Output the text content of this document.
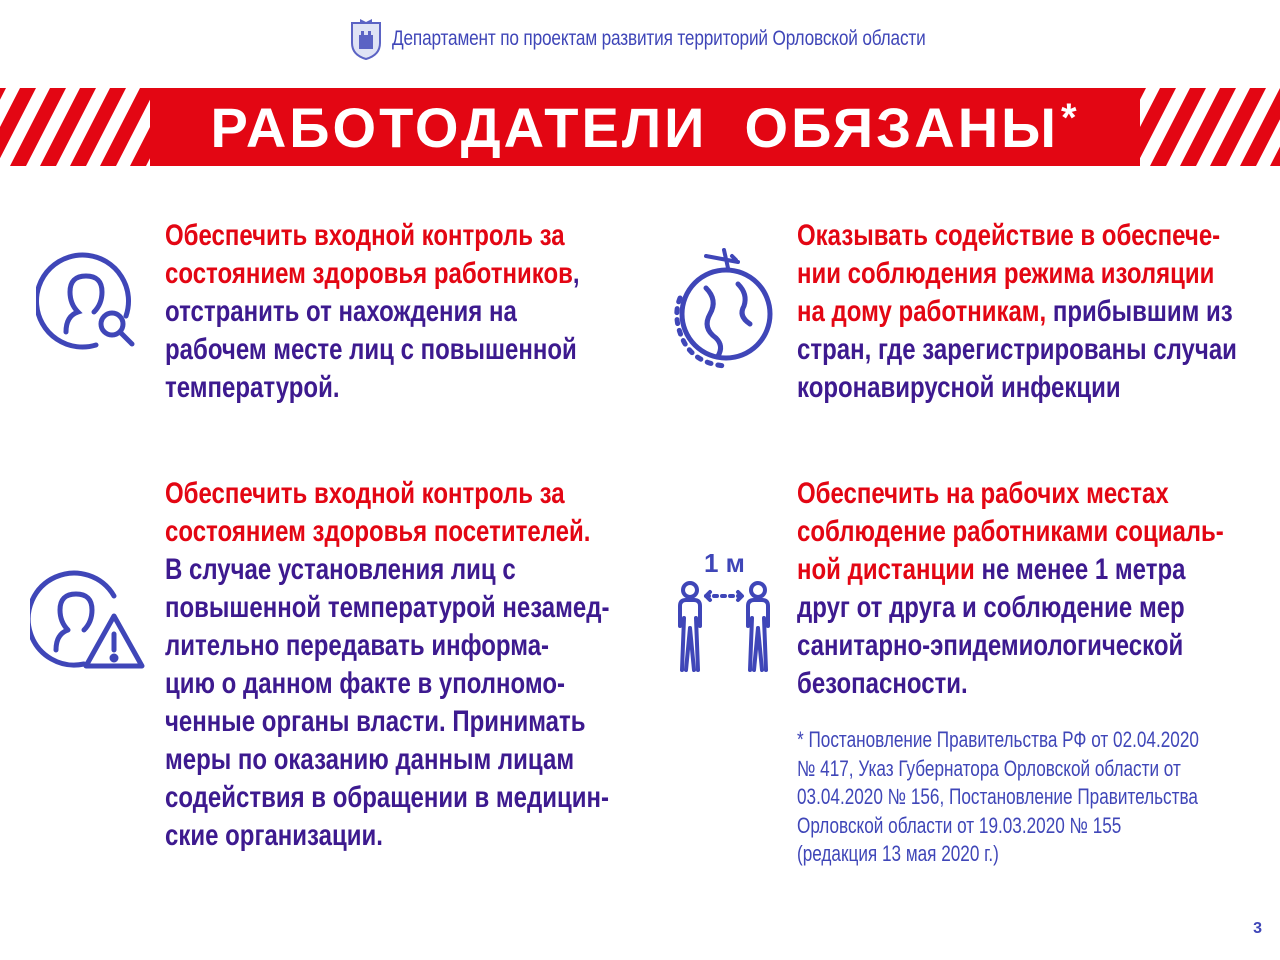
Департамент по проектам развития территорий Орловской области
РАБОТОДАТЕЛИ  ОБЯЗАНЫ *
1 м
Обеспечить входной контроль за
состоянием здоровья работников,
отстранить от нахождения на
рабочем месте лиц с повышенной
температурой.
Оказывать содействие в обеспече-
нии соблюдения режима изоляции
на дому работникам, прибывшим из
стран, где зарегистрированы случаи
коронавирусной инфекции
Обеспечить входной контроль за
состоянием здоровья посетителей.
В случае установления лиц с
повышенной температурой незамед-
лительно передавать информа-
цию о данном факте в уполномо-
ченные органы власти. Принимать
меры по оказанию данным лицам
содействия в обращении в медицин-
ские организации.
Обеспечить на рабочих местах
соблюдение работниками социаль-
ной дистанции не менее 1 метра
друг от друга и соблюдение мер
санитарно-эпидемиологической
безопасности.
* Постановление Правительства РФ от 02.04.2020
№ 417, Указ Губернатора Орловской области от
03.04.2020 № 156, Постановление Правительства
Орловской области от 19.03.2020 № 155
(редакция 13 мая 2020 г.)
3
